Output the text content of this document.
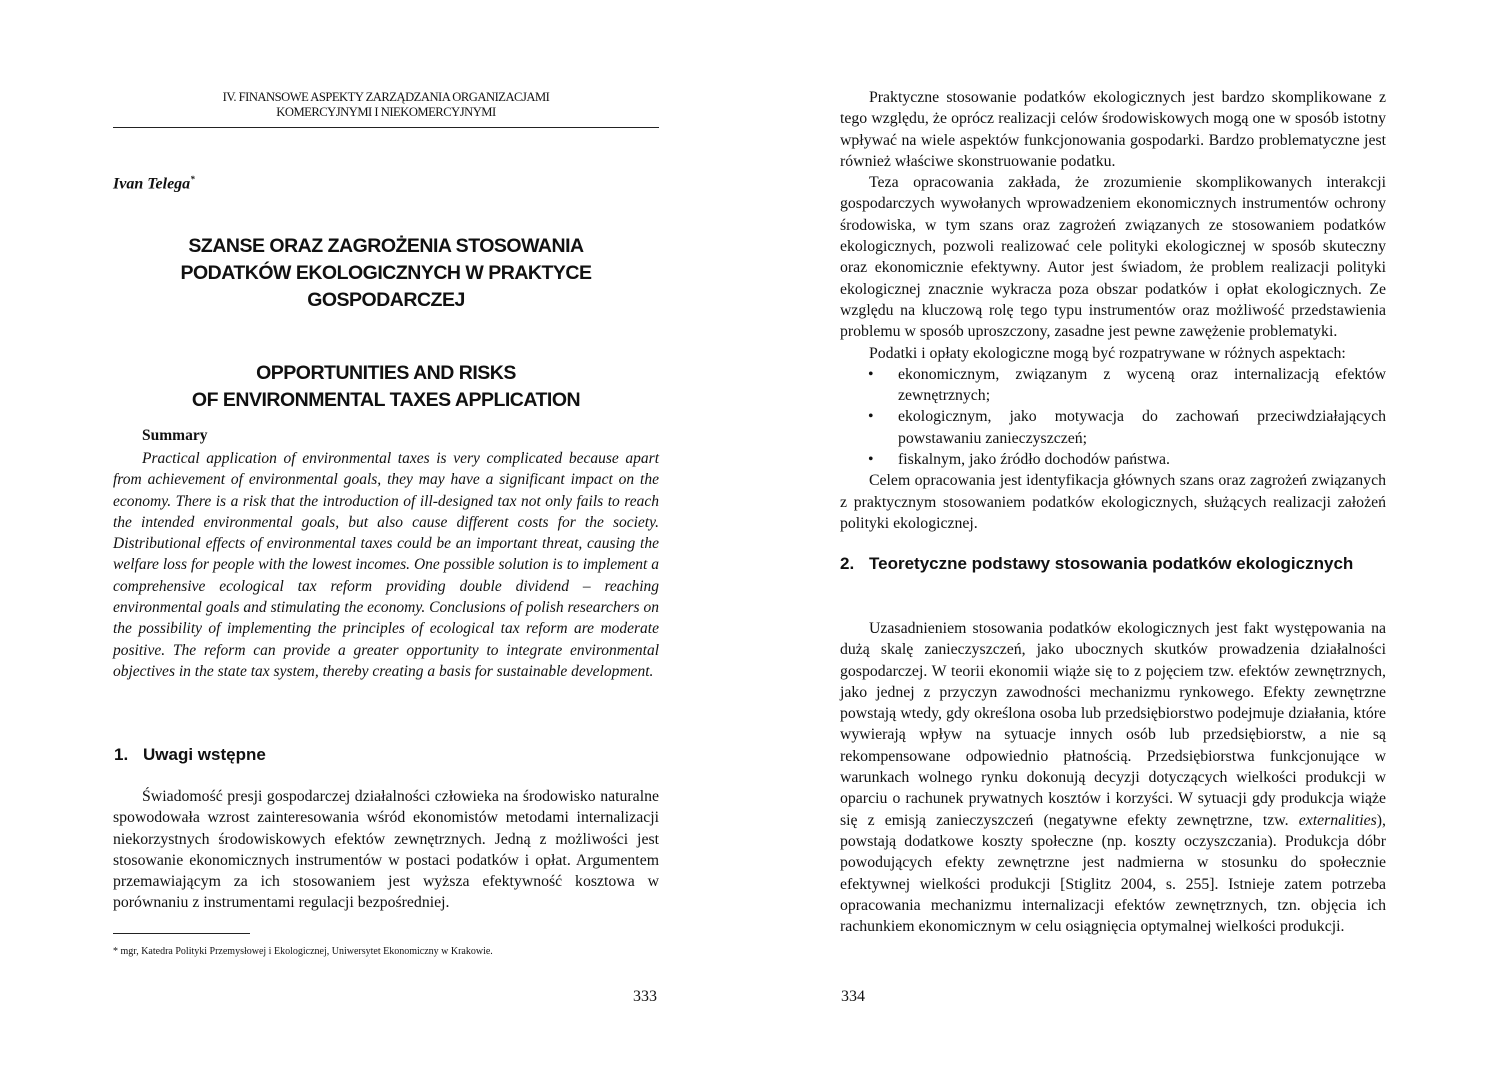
IV. FINANSOWE ASPEKTY ZARZĄDZANIA ORGANIZACJAMI
KOMERCYJNYMI I NIEKOMERCYJNYMI
Ivan Telega*
SZANSE ORAZ ZAGROŻENIA STOSOWANIA
PODATKÓW EKOLOGICZNYCH W PRAKTYCE
GOSPODARCZEJ
OPPORTUNITIES AND RISKS
OF ENVIRONMENTAL TAXES APPLICATION
Summary

Practical application of environmental taxes is very complicated because apart from achievement of environmental goals, they may have a significant impact on the economy. There is a risk that the introduction of ill-designed tax not only fails to reach the intended environmental goals, but also cause different costs for the society. Distributional effects of environmental taxes could be an important threat, causing the welfare loss for people with the lowest incomes. One possible solution is to implement a comprehensive ecological tax reform providing double dividend – reaching environmental goals and stimulating the economy. Conclusions of polish researchers on the possibility of implementing the principles of ecological tax reform are moderate positive. The reform can provide a greater opportunity to integrate environmental objectives in the state tax system, thereby creating a basis for sustainable development.

1. Uwagi wstępne

Świadomość presji gospodarczej działalności człowieka na środowisko naturalne spowodowała wzrost zainteresowania wśród ekonomistów metodami internalizacji niekorzystnych środowiskowych efektów zewnętrznych. Jedną z możliwości jest stosowanie ekonomicznych instrumentów w postaci podatków i opłat. Argumentem przemawiającym za ich stosowaniem jest wyższa efektywność kosztowa w porównaniu z instrumentami regulacji bezpośredniej.

* mgr, Katedra Polityki Przemysłowej i Ekologicznej, Uniwersytet Ekonomiczny w Krakowie.

333

Praktyczne stosowanie podatków ekologicznych jest bardzo skomplikowane z tego względu, że oprócz realizacji celów środowiskowych mogą one w sposób istotny wpływać na wiele aspektów funkcjonowania gospodarki. Bardzo problematyczne jest również właściwe skonstruowanie podatku.

Teza opracowania zakłada, że zrozumienie skomplikowanych interakcji gospodarczych wywołanych wprowadzeniem ekonomicznych instrumentów ochrony środowiska, w tym szans oraz zagrożeń związanych ze stosowaniem podatków ekologicznych, pozwoli realizować cele polityki ekologicznej w sposób skuteczny oraz ekonomicznie efektywny. Autor jest świadom, że problem realizacji polityki ekologicznej znacznie wykracza poza obszar podatków i opłat ekologicznych. Ze względu na kluczową rolę tego typu instrumentów oraz możliwość przedstawienia problemu w sposób uproszczony, zasadne jest pewne zawężenie problematyki.

Podatki i opłaty ekologiczne mogą być rozpatrywane w różnych aspektach:

• ekonomicznym, związanym z wyceną oraz internalizacją efektów zewnętrznych;
• ekologicznym, jako motywacja do zachowań przeciwdziałających powstawaniu zanieczyszczeń;
• fiskalnym, jako źródło dochodów państwa.

Celem opracowania jest identyfikacja głównych szans oraz zagrożeń związanych z praktycznym stosowaniem podatków ekologicznych, służących realizacji założeń polityki ekologicznej.

2. Teoretyczne podstawy stosowania podatków ekologicznych

Uzasadnieniem stosowania podatków ekologicznych jest fakt występowania na dużą skalę zanieczyszczeń, jako ubocznych skutków prowadzenia działalności gospodarczej. W teorii ekonomii wiąże się to z pojęciem tzw. efektów zewnętrznych, jako jednej z przyczyn zawodności mechanizmu rynkowego. Efekty zewnętrzne powstają wtedy, gdy określona osoba lub przedsiębiorstwo podejmuje działania, które wywierają wpływ na sytuacje innych osób lub przedsiębiorstw, a nie są rekompensowane odpowiednio płatnością. Przedsiębiorstwa funkcjonujące w warunkach wolnego rynku dokonują decyzji dotyczących wielkości produkcji w oparciu o rachunek prywatnych kosztów i korzyści. W sytuacji gdy produkcja wiąże się z emisją zanieczyszczeń (negatywne efekty zewnętrzne, tzw. externalities), powstają dodatkowe koszty społeczne (np. koszty oczyszczania). Produkcja dóbr powodujących efekty zewnętrzne jest nadmierna w stosunku do społecznie efektywnej wielkości produkcji [Stiglitz 2004, s. 255]. Istnieje zatem potrzeba opracowania mechanizmu internalizacji efektów zewnętrznych, tzn. objęcia ich rachunkiem ekonomicznym w celu osiągnięcia optymalnej wielkości produkcji.

334
